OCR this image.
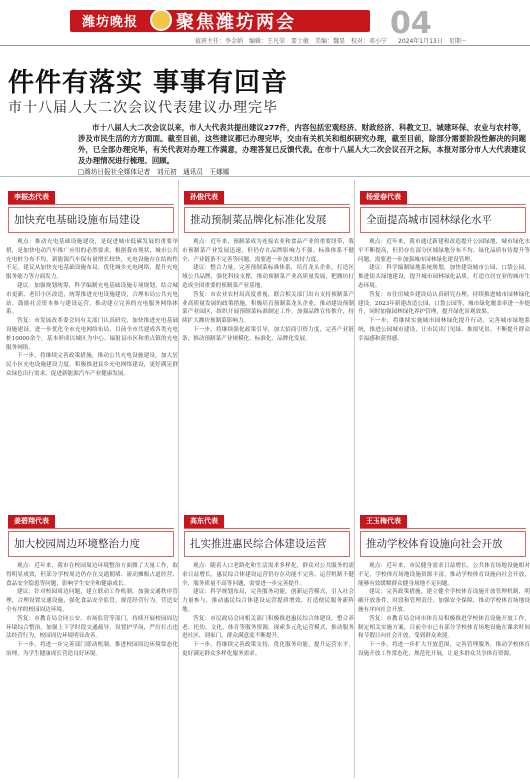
潍坊晚报 聚焦潍坊两会	04
值班主任：李金娟　编辑：王凡荣　要士敏　美编：魏显　校对：邓小宁 2024年1月13日　星期一
件件有落实 事事有回音
市十八届人大二次会议代表建议办理完毕
市十八届人大二次会议以来，市人大代表共提出建议277件，内容包括宏观经济、财政经济、科教文卫、城建环保、农业与农村等，涉及市民生活的方方面面。截至目前，这些建议都已办理完毕，交由有关机关和组织研究办理，截至目前，除部分需要阶段性解决的问题外，已全部办理完毕，有关代表对办理工作满意，办理答复已反馈代表。在市十八届人大二次会议召开之际，本报对部分市人大代表建议及办理情况进行梳理、回顾。
□潍坊日报社全媒体记者　刘元初　通讯员　王娜娜
李振杰代表
加快充电基础设施布局建设

观点：推动充电基础设施建设，是促进城市低碳发展的重要举措，是加快电动汽车推广应用的必然要求。根据我市现状，城市公共充电桩分布不均，新能源汽车保有量增长较快，充电设施存在结构性不足。建议从加快充电基础设施布局、优化城乡充电网络、提升充电服务能力等方面发力。

建议：加强规划统筹，科学编制充电基础设施专项规划，结合城市更新、老旧小区改造，统筹推进充电设施建设，合理布局公共充电站。鼓励社会资本参与建设运营，推动建立完善的充电服务网络体系。

答复：市发展改革委会同有关部门认真研究，加快推进充电基础设施建设，进一步优化全市充电网络布局，目前全市共建成各类充电桩10000余个，基本形成以城区为中心、辐射县市区和重点镇的充电服务网络。

下一步，将继续完善政策措施，推动公共充电设施建设，加大居民小区充电设施建设力度，积极推进县乡充电网络建设，更好满足群众绿色出行需求，促进新能源汽车产业健康发展。

孙俊代表
推动预制菜品牌化标准化发展

观点：近年来，预制菜成为连接农业和食品产业的重要纽带，我市预制菜产业发展迅速，但仍存在品牌影响力不强、标准体系不健全、产业链条不完善等问题，需要进一步加大扶持力度。

建议：整合力量，完善预制菜标准体系，培育龙头企业，打造区域公共品牌，强化科技支撑，推动预制菜产业高质量发展，把潍坊打造成全国重要的预制菜产业基地。

答复：市农业农村局高度重视，联合相关部门出台支持预制菜产业高质量发展的政策措施，积极培育预制菜龙头企业，推动建设预制菜产业园区，组织开展预制菜标准制定工作，加强品牌宣传推介，持续扩大潍坊预制菜影响力。

下一步，将继续强化政策引导，加大招商引资力度，完善产业链条，推动预制菜产业规模化、标准化、品牌化发展。

杨爱春代表
全面提高城市园林绿化水平

观点：近年来，我市通过新建和改造提升公园绿地，城市绿化水平不断提高，但仍存在部分区域绿地分布不均、绿化品质有待提升等问题，需要进一步加强城市园林绿化建设管理。

建议：科学编制绿地系统规划，加快建设城市公园、口袋公园，推进街头绿地建设，提升城市园林绿化品质，打造宜居宜业的城市生态环境。

答复：市住房城乡建设局认真研究办理，持续推进城市园林绿化建设，2023年新建改造公园、口袋公园等，城市绿化覆盖率进一步提升，同时加强园林绿化养护管理，提升绿化景观效果。

下一步，将继续实施城市园林绿化提升行动，完善城市绿地系统，推进公园城市建设，让市民出门见绿、推窗见景，不断提升群众幸福感和获得感。

姜碧翔代表
加大校园周边环境整治力度

观点：近年来，我市在校园周边环境整治方面做了大量工作，取得明显成效，但部分学校周边仍存在交通拥堵、流动摊贩占道经营、食品安全隐患等问题，影响学生安全和健康成长。

建议：针对校园周边问题，建立联动工作机制，加强交通秩序管理，合理设置交通设施，强化食品安全监管，规范经营行为，营造安全有序的校园周边环境。

答复：市教育局会同公安、市场监管等部门，持续开展校园周边环境综合整治，加强上下学时段交通疏导，设置护学岗，严厉打击违法经营行为，校园周边环境明显改善。

下一步，将进一步完善部门联动机制，推进校园周边环境常态化治理，为学生健康成长营造良好环境。

高东代表
扎实推进惠民综合体建设运营

观点：随着人口老龄化和生活需求多样化，群众对公共服务的需求日益增长，惠民综合体建设运营仍存在功能不完善、运营机制不健全、服务质量不高等问题，需要进一步完善提升。

建议：科学规划布局，完善服务功能，创新运营模式，引入社会力量参与，推动惠民综合体建设运营提质增效，打造便民服务新阵地。

答复：市民政局会同相关部门积极推进惠民综合体建设，整合养老、托幼、文化、体育等服务资源，探索多元化运营模式，推动服务进社区、到家门，群众满意度不断提升。

下一步，将继续完善政策支持，优化服务功能，提升运营水平，更好满足群众多样化服务需求。

王玉梅代表
推动学校体育设施向社会开放

观点：近年来，市民健身需求日益增长，公共体育场地设施相对不足，学校体育场地设施资源丰富，推动学校体育设施向社会开放，能够有效缓解群众健身场地不足问题。

建议：完善政策措施，建立健全学校体育设施开放管理机制，明确开放条件、时段和管理责任，加强安全保障，推动学校体育场地设施有序向社会开放。

答复：市教育局会同市体育局积极推进学校体育设施开放工作，制定相关实施方案，目前全市已有部分学校体育场地设施在课余时间和节假日向社会开放，受到群众欢迎。

下一步，将进一步扩大开放范围，完善管理服务，推动学校体育设施开放工作常态化、规范化开展，让更多群众共享体育资源。
